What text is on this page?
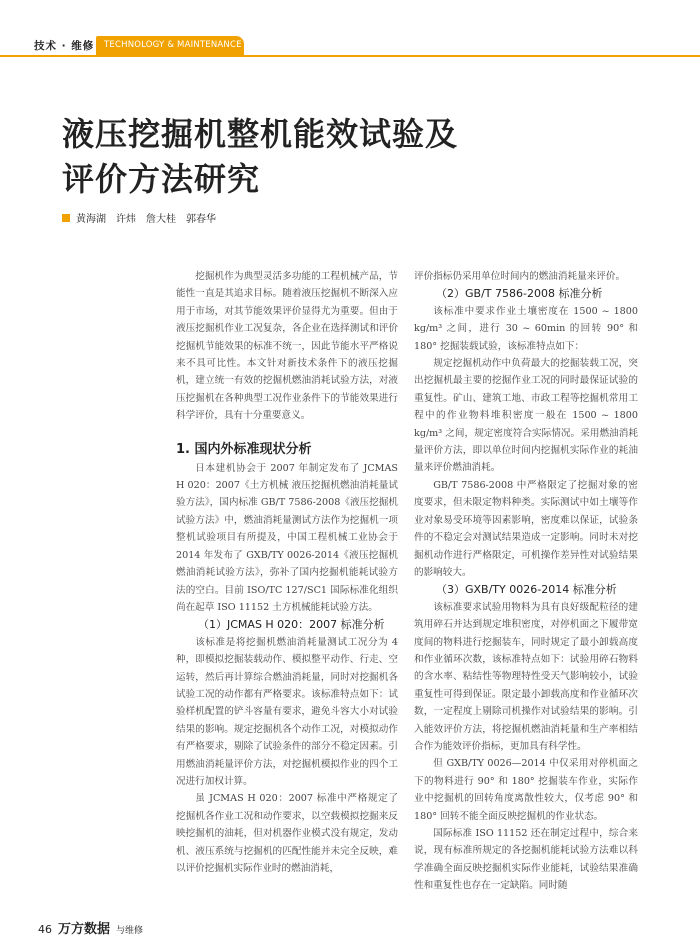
技术 · 维修 TECHNOLOGY & MAINTENANCE
液压挖掘机整机能效试验及
评价方法研究
黄海湖 许炜 詹大桂 郭春华

挖掘机作为典型灵活多功能的工程机械产品，节能性一直是其追求目标。随着液压挖掘机不断深入应用于市场，对其节能效果评价显得尤为重要。但由于液压挖掘机作业工况复杂，各企业在选择测试和评价挖掘机节能效果的标准不统一，因此节能水平严格说来不具可比性。本文针对新技术条件下的液压挖掘机，建立统一有效的挖掘机燃油消耗试验方法，对液压挖掘机在各种典型工况作业条件下的节能效果进行科学评价，具有十分重要意义。

1. 国内外标准现状分析

日本建机协会于 2007 年制定发布了 JCMAS H 020：2007《土方机械 液压挖掘机燃油消耗量试验方法》，国内标准 GB/T 7586-2008《液压挖掘机 试验方法》中，燃油消耗量测试方法作为挖掘机一项整机试验项目有所提及，中国工程机械工业协会于 2014 年发布了 GXB/TY 0026-2014《液压挖掘机燃油消耗试验方法》，弥补了国内挖掘机能耗试验方法的空白。目前 ISO/TC 127/SC1 国际标准化组织尚在起草 ISO 11152 土方机械能耗试验方法。

（1）JCMAS H 020：2007 标准分析

该标准是将挖掘机燃油消耗量测试工况分为 4 种，即模拟挖掘装载动作、模拟整平动作、行走、空运转，然后再计算综合燃油消耗量，同时对挖掘机各试验工况的动作都有严格要求。该标准特点如下：试验样机配置的铲斗容量有要求，避免斗容大小对试验结果的影响。规定挖掘机各个动作工况，对模拟动作有严格要求，剔除了试验条件的部分不稳定因素。引用燃油消耗量评价方法，对挖掘机模拟作业的四个工况进行加权计算。

虽 JCMAS H 020：2007 标准中严格规定了挖掘机各作业工况和动作要求，以空载模拟挖掘来反映挖掘机的油耗，但对机器作业模式没有规定，发动机、液压系统与挖掘机的匹配性能并未完全反映，难以评价挖掘机实际作业时的燃油消耗，

评价指标仍采用单位时间内的燃油消耗量来评价。

（2）GB/T 7586-2008 标准分析

该标准中要求作业土壤密度在 1500 ~ 1800 kg/m³ 之间，进行 30 ~ 60min 的回转 90° 和 180° 挖掘装载试验，该标准特点如下：

规定挖掘机动作中负荷最大的挖掘装载工况，突出挖掘机最主要的挖掘作业工况的同时最保证试验的重复性。矿山、建筑工地、市政工程等挖掘机常用工程中的作业物料堆积密度一般在 1500 ~ 1800 kg/m³ 之间，规定密度符合实际情况。采用燃油消耗量评价方法，即以单位时间内挖掘机实际作业的耗油量来评价燃油消耗。

GB/T 7586-2008 中严格限定了挖掘对象的密度要求，但未限定物料种类。实际测试中如土壤等作业对象易受环境等因素影响，密度难以保证，试验条件的不稳定会对测试结果造成一定影响。同时未对挖掘机动作进行严格限定，可机操作差异性对试验结果的影响较大。

（3）GXB/TY 0026-2014 标准分析

该标准要求试验用物料为具有良好级配粒径的建筑用碎石并达到规定堆积密度，对停机面之下履带宽度间的物料进行挖掘装车，同时规定了最小卸载高度和作业循环次数，该标准特点如下：试验用碎石物料的含水率、粘结性等物理特性受天气影响较小，试验重复性可得到保证。限定最小卸载高度和作业循环次数，一定程度上剔除司机操作对试验结果的影响。引入能效评价方法，将挖掘机燃油消耗量和生产率相结合作为能效评价指标，更加具有科学性。

但 GXB/TY 0026—2014 中仅采用对停机面之下的物料进行 90° 和 180° 挖掘装车作业，实际作业中挖掘机的回转角度离散性较大，仅考虑 90° 和 180° 回转不能全面反映挖掘机的作业状态。

国际标准 ISO 11152 还在制定过程中，综合来说，现有标准所规定的各挖掘机能耗试验方法难以科学准确全面反映挖掘机实际作业能耗，试验结果准确性和重复性也存在一定缺陷。同时随

46 万方数据 与维修
